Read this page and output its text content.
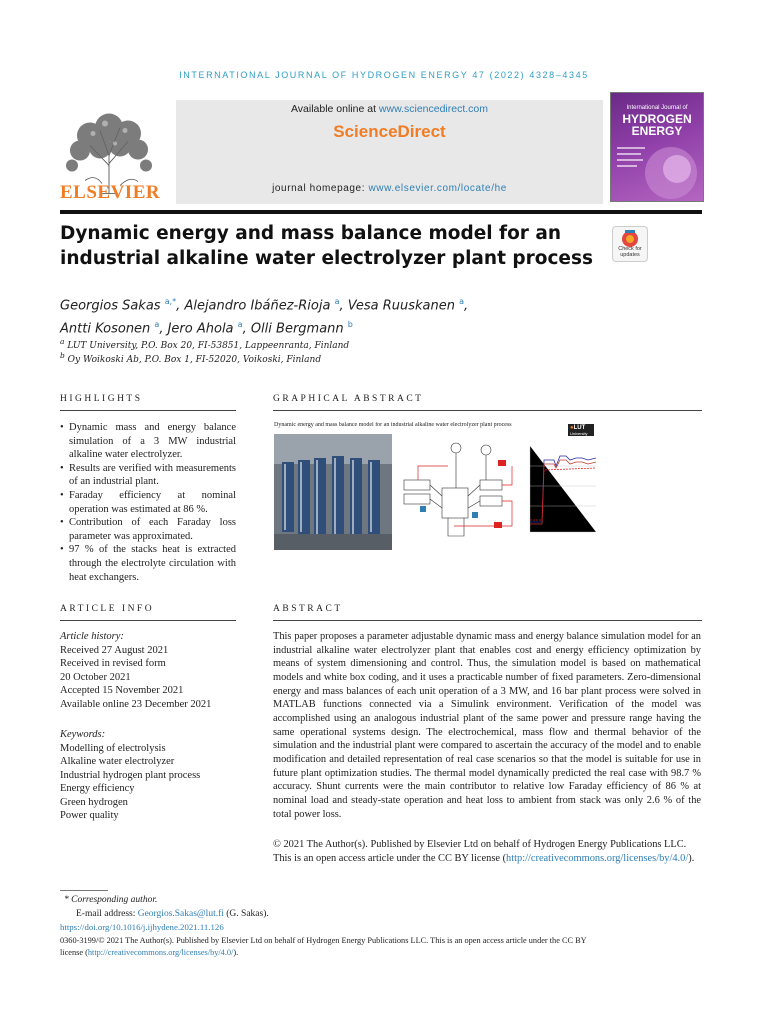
INTERNATIONAL JOURNAL OF HYDROGEN ENERGY 47 (2022) 4328–4345
ELSEVIER
Available online at www.sciencedirect.com
ScienceDirect
journal homepage: www.elsevier.com/locate/he
International Journal of
HYDROGEN
ENERGY
Dynamic energy and mass balance model for an
industrial alkaline water electrolyzer plant process	Check for
updates
Georgios Sakas $^{a,*}$, Alejandro Ibáñez-Rioja $^a$, Vesa Ruuskanen $^a$,
Antti Kosonen $^a$, Jero Ahola $^a$, Olli Bergmann $^b$
$^a$ LUT University, P.O. Box 20, FI-53851, Lappeenranta, Finland
$^b$ Oy Woikoski Ab, P.O. Box 1, FI-52020, Voikoski, Finland
HIGHLIGHTS
• Dynamic mass and energy balance simulation of a 3 MW industrial alkaline water electrolyzer.
• Results are verified with measurements of an industrial plant.
• Faraday efficiency at nominal operation was estimated at 86 %.
• Contribution of each Faraday loss parameter was approximated.
• 97 % of the stacks heat is extracted through the electrolyte circulation with heat exchangers.
GRAPHICAL ABSTRACT
Dynamic energy and mass balance model for an industrial alkaline water electrolyzer plant process	●LUT
University
ARTICLE INFO
Article history:
Received 27 August 2021
Received in revised form
20 October 2021
Accepted 15 November 2021
Available online 23 December 2021
Keywords:
Modelling of electrolysis
Alkaline water electrolyzer
Industrial hydrogen plant process
Energy efficiency
Green hydrogen
Power quality
ABSTRACT
This paper proposes a parameter adjustable dynamic mass and energy balance simulation model for an industrial alkaline water electrolyzer plant that enables cost and energy efficiency optimization by means of system dimensioning and control. Thus, the simulation model is based on mathematical models and white box coding, and it uses a practicable number of fixed parameters. Zero-dimensional energy and mass balances of each unit operation of a 3 MW, and 16 bar plant process were solved in MATLAB functions connected via a Simulink environment. Verification of the model was accomplished using an analogous industrial plant of the same power and pressure range having the same operational systems design. The electrochemical, mass flow and thermal behavior of the simulation and the industrial plant were compared to ascertain the accuracy of the model and to enable modification and detailed representation of real case scenarios so that the model is suitable for use in future plant optimization studies. The thermal model dynamically predicted the real case with 98.7 % accuracy. Shunt currents were the main contributor to relative low Faraday efficiency of 86 % at nominal load and steady-state operation and heat loss to ambient from stack was only 2.6 % of the total power loss.
© 2021 The Author(s). Published by Elsevier Ltd on behalf of Hydrogen Energy Publications LLC. This is an open access article under the CC BY license (http://creativecommons.org/licenses/by/4.0/).
* Corresponding author.
E-mail address: Georgios.Sakas@lut.fi (G. Sakas).
https://doi.org/10.1016/j.ijhydene.2021.11.126
0360-3199/© 2021 The Author(s). Published by Elsevier Ltd on behalf of Hydrogen Energy Publications LLC. This is an open access article under the CC BY
license (http://creativecommons.org/licenses/by/4.0/).
